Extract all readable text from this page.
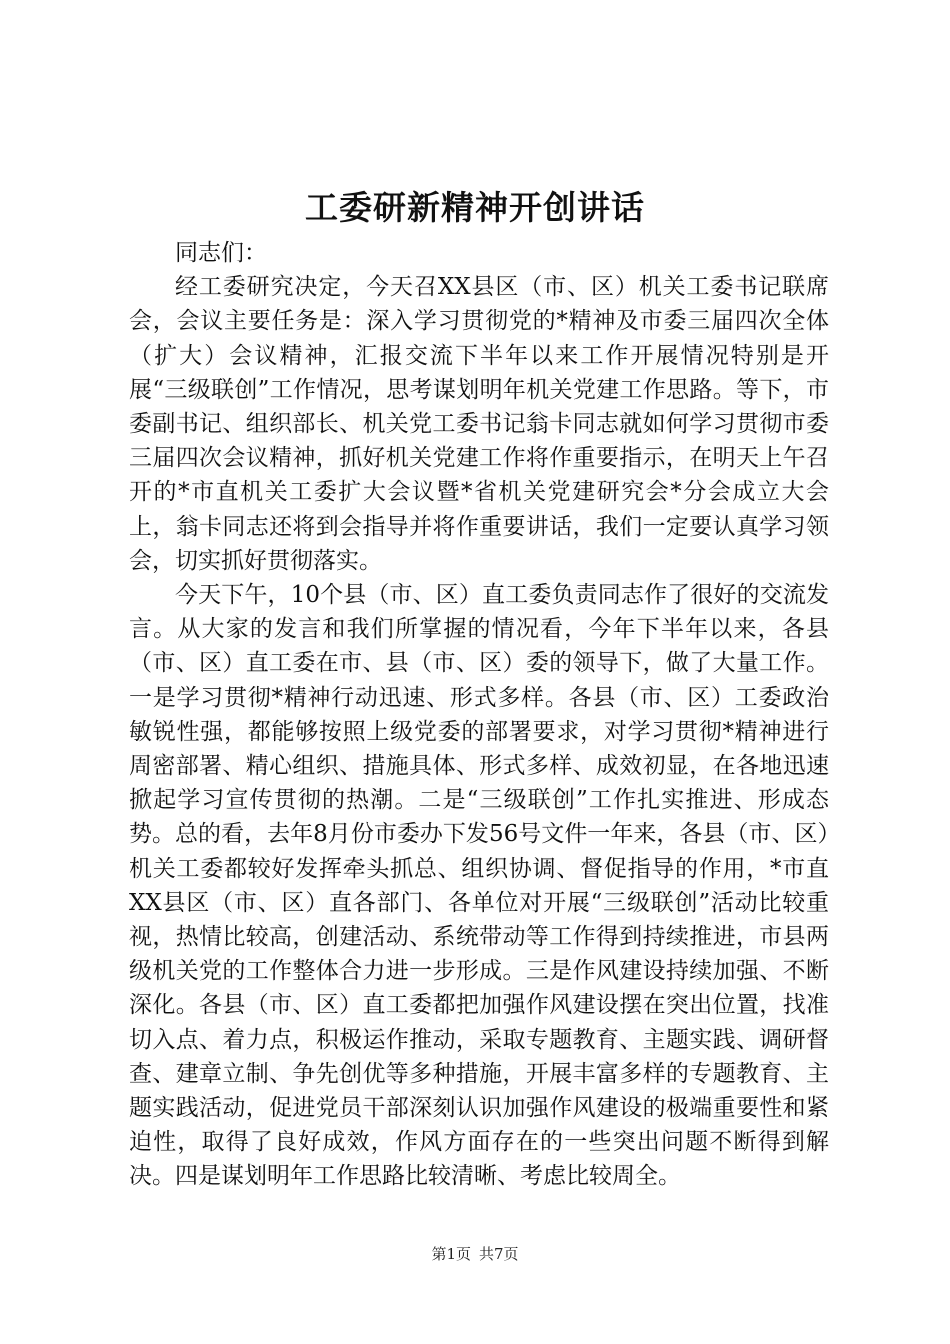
工委研新精神开创讲话

同志们：

经工委研究决定，今天召XX县区（市、区）机关工委书记联席会，会议主要任务是：深入学习贯彻党的*精神及市委三届四次全体（扩大）会议精神，汇报交流下半年以来工作开展情况特别是开展“三级联创”工作情况，思考谋划明年机关党建工作思路。等下，市委副书记、组织部长、机关党工委书记翁卡同志就如何学习贯彻市委三届四次会议精神，抓好机关党建工作将作重要指示，在明天上午召开的*市直机关工委扩大会议暨*省机关党建研究会*分会成立大会上，翁卡同志还将到会指导并将作重要讲话，我们一定要认真学习领会，切实抓好贯彻落实。

今天下午，10个县（市、区）直工委负责同志作了很好的交流发言。从大家的发言和我们所掌握的情况看，今年下半年以来，各县（市、区）直工委在市、县（市、区）委的领导下，做了大量工作。一是学习贯彻*精神行动迅速、形式多样。各县（市、区）工委政治敏锐性强，都能够按照上级党委的部署要求，对学习贯彻*精神进行周密部署、精心组织、措施具体、形式多样、成效初显，在各地迅速掀起学习宣传贯彻的热潮。二是“三级联创”工作扎实推进、形成态势。总的看，去年8月份市委办下发56号文件一年来，各县（市、区）机关工委都较好发挥牵头抓总、组织协调、督促指导的作用，*市直XX县区（市、区）直各部门、各单位对开展“三级联创”活动比较重视，热情比较高，创建活动、系统带动等工作得到持续推进，市县两级机关党的工作整体合力进一步形成。三是作风建设持续加强、不断深化。各县（市、区）直工委都把加强作风建设摆在突出位置，找准切入点、着力点，积极运作推动，采取专题教育、主题实践、调研督查、建章立制、争先创优等多种措施，开展丰富多样的专题教育、主题实践活动，促进党员干部深刻认识加强作风建设的极端重要性和紧迫性，取得了良好成效，作风方面存在的一些突出问题不断得到解决。四是谋划明年工作思路比较清晰、考虑比较周全。

第1页 共7页
